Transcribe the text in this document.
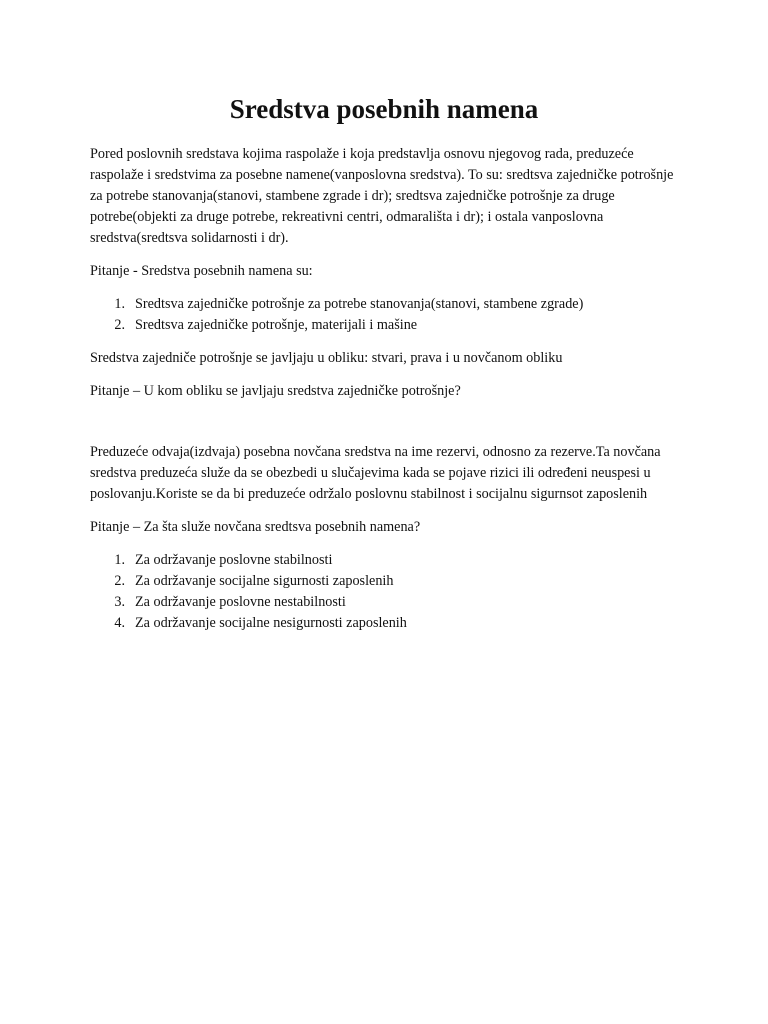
Sredstva posebnih namena

Pored poslovnih sredstava kojima raspolaže i koja predstavlja osnovu njegovog rada, preduzeće raspolaže i sredstvima za posebne namene(vanposlovna sredstva). To su: sredtsva zajedničke potrošnje za potrebe stanovanja(stanovi, stambene zgrade i dr); sredtsva zajedničke potrošnje za druge potrebe(objekti za druge potrebe, rekreativni centri, odmarališta i dr); i ostala vanposlovna sredstva(sredtsva solidarnosti i dr).

Pitanje - Sredstva posebnih namena su:

1. Sredtsva zajedničke potrošnje za potrebe stanovanja(stanovi, stambene zgrade)
2. Sredtsva zajedničke potrošnje, materijali i mašine

Sredstva zajedniče potrošnje se javljaju u obliku: stvari, prava i u novčanom obliku

Pitanje – U kom obliku se javljaju sredstva zajedničke potrošnje?

Preduzeće odvaja(izdvaja) posebna novčana sredstva na ime rezervi, odnosno za rezerve.Ta novčana sredstva preduzeća služe da se obezbedi u slučajevima kada se pojave rizici ili određeni neuspesi u poslovanju.Koriste se da bi preduzeće održalo poslovnu stabilnost i socijalnu sigurnsot zaposlenih

Pitanje – Za šta služe novčana sredtsva posebnih namena?

1. Za održavanje poslovne stabilnosti
2. Za održavanje socijalne sigurnosti zaposlenih
3. Za održavanje poslovne nestabilnosti
4. Za održavanje socijalne nesigurnosti zaposlenih
